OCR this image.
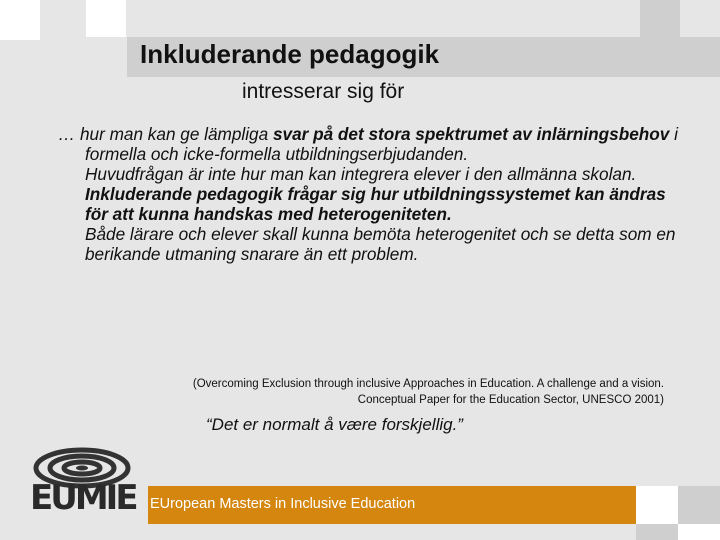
Inkluderande pedagogik
intresserar sig för

… hur man kan ge lämpliga svar på det stora spektrumet av inlärningsbehov i formella och icke-formella utbildningserbjudanden.

Huvudfrågan är inte hur man kan integrera elever i den allmänna skolan. Inkluderande pedagogik frågar sig hur utbildningssystemet kan ändras för att kunna handskas med heterogeniteten.

Både lärare och elever skall kunna bemöta heterogenitet och se detta som en berikande utmaning snarare än ett problem.

(Overcoming Exclusion through inclusive Approaches in Education. A challenge and a vision.
Conceptual Paper for the Education Sector, UNESCO 2001)
“Det er normalt å være forskjellig.”
EUMIE EUropean Masters in Inclusive Education
